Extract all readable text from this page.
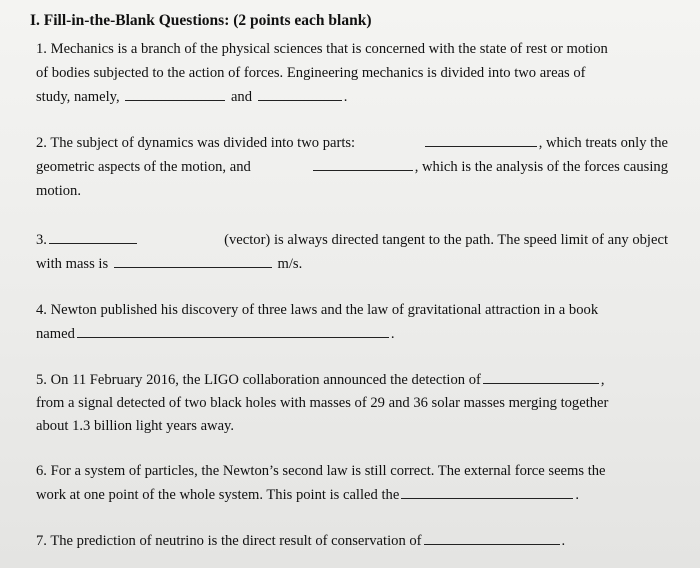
I. Fill-in-the-Blank Questions: (2 points each blank)
1. Mechanics is a branch of the physical sciences that is concerned with the state of rest or motion
of bodies subjected to the action of forces. Engineering mechanics is divided into two areas of
study, namely,	and	.
2. The subject of dynamics was divided into two parts:	, which treats only the
geometric aspects of the motion, and	, which is the analysis of the forces causing
motion.
3.	(vector) is always directed tangent to the path. The speed limit of any object
with mass is	m/s.
4. Newton published his discovery of three laws and the law of gravitational attraction in a book
named	.
5. On 11 February 2016, the LIGO collaboration announced the detection of	,
from a signal detected of two black holes with masses of 29 and 36 solar masses merging together
about 1.3 billion light years away.
6. For a system of particles, the Newton’s second law is still correct. The external force seems the
work at one point of the whole system. This point is called the	.
7. The prediction of neutrino is the direct result of conservation of	.
